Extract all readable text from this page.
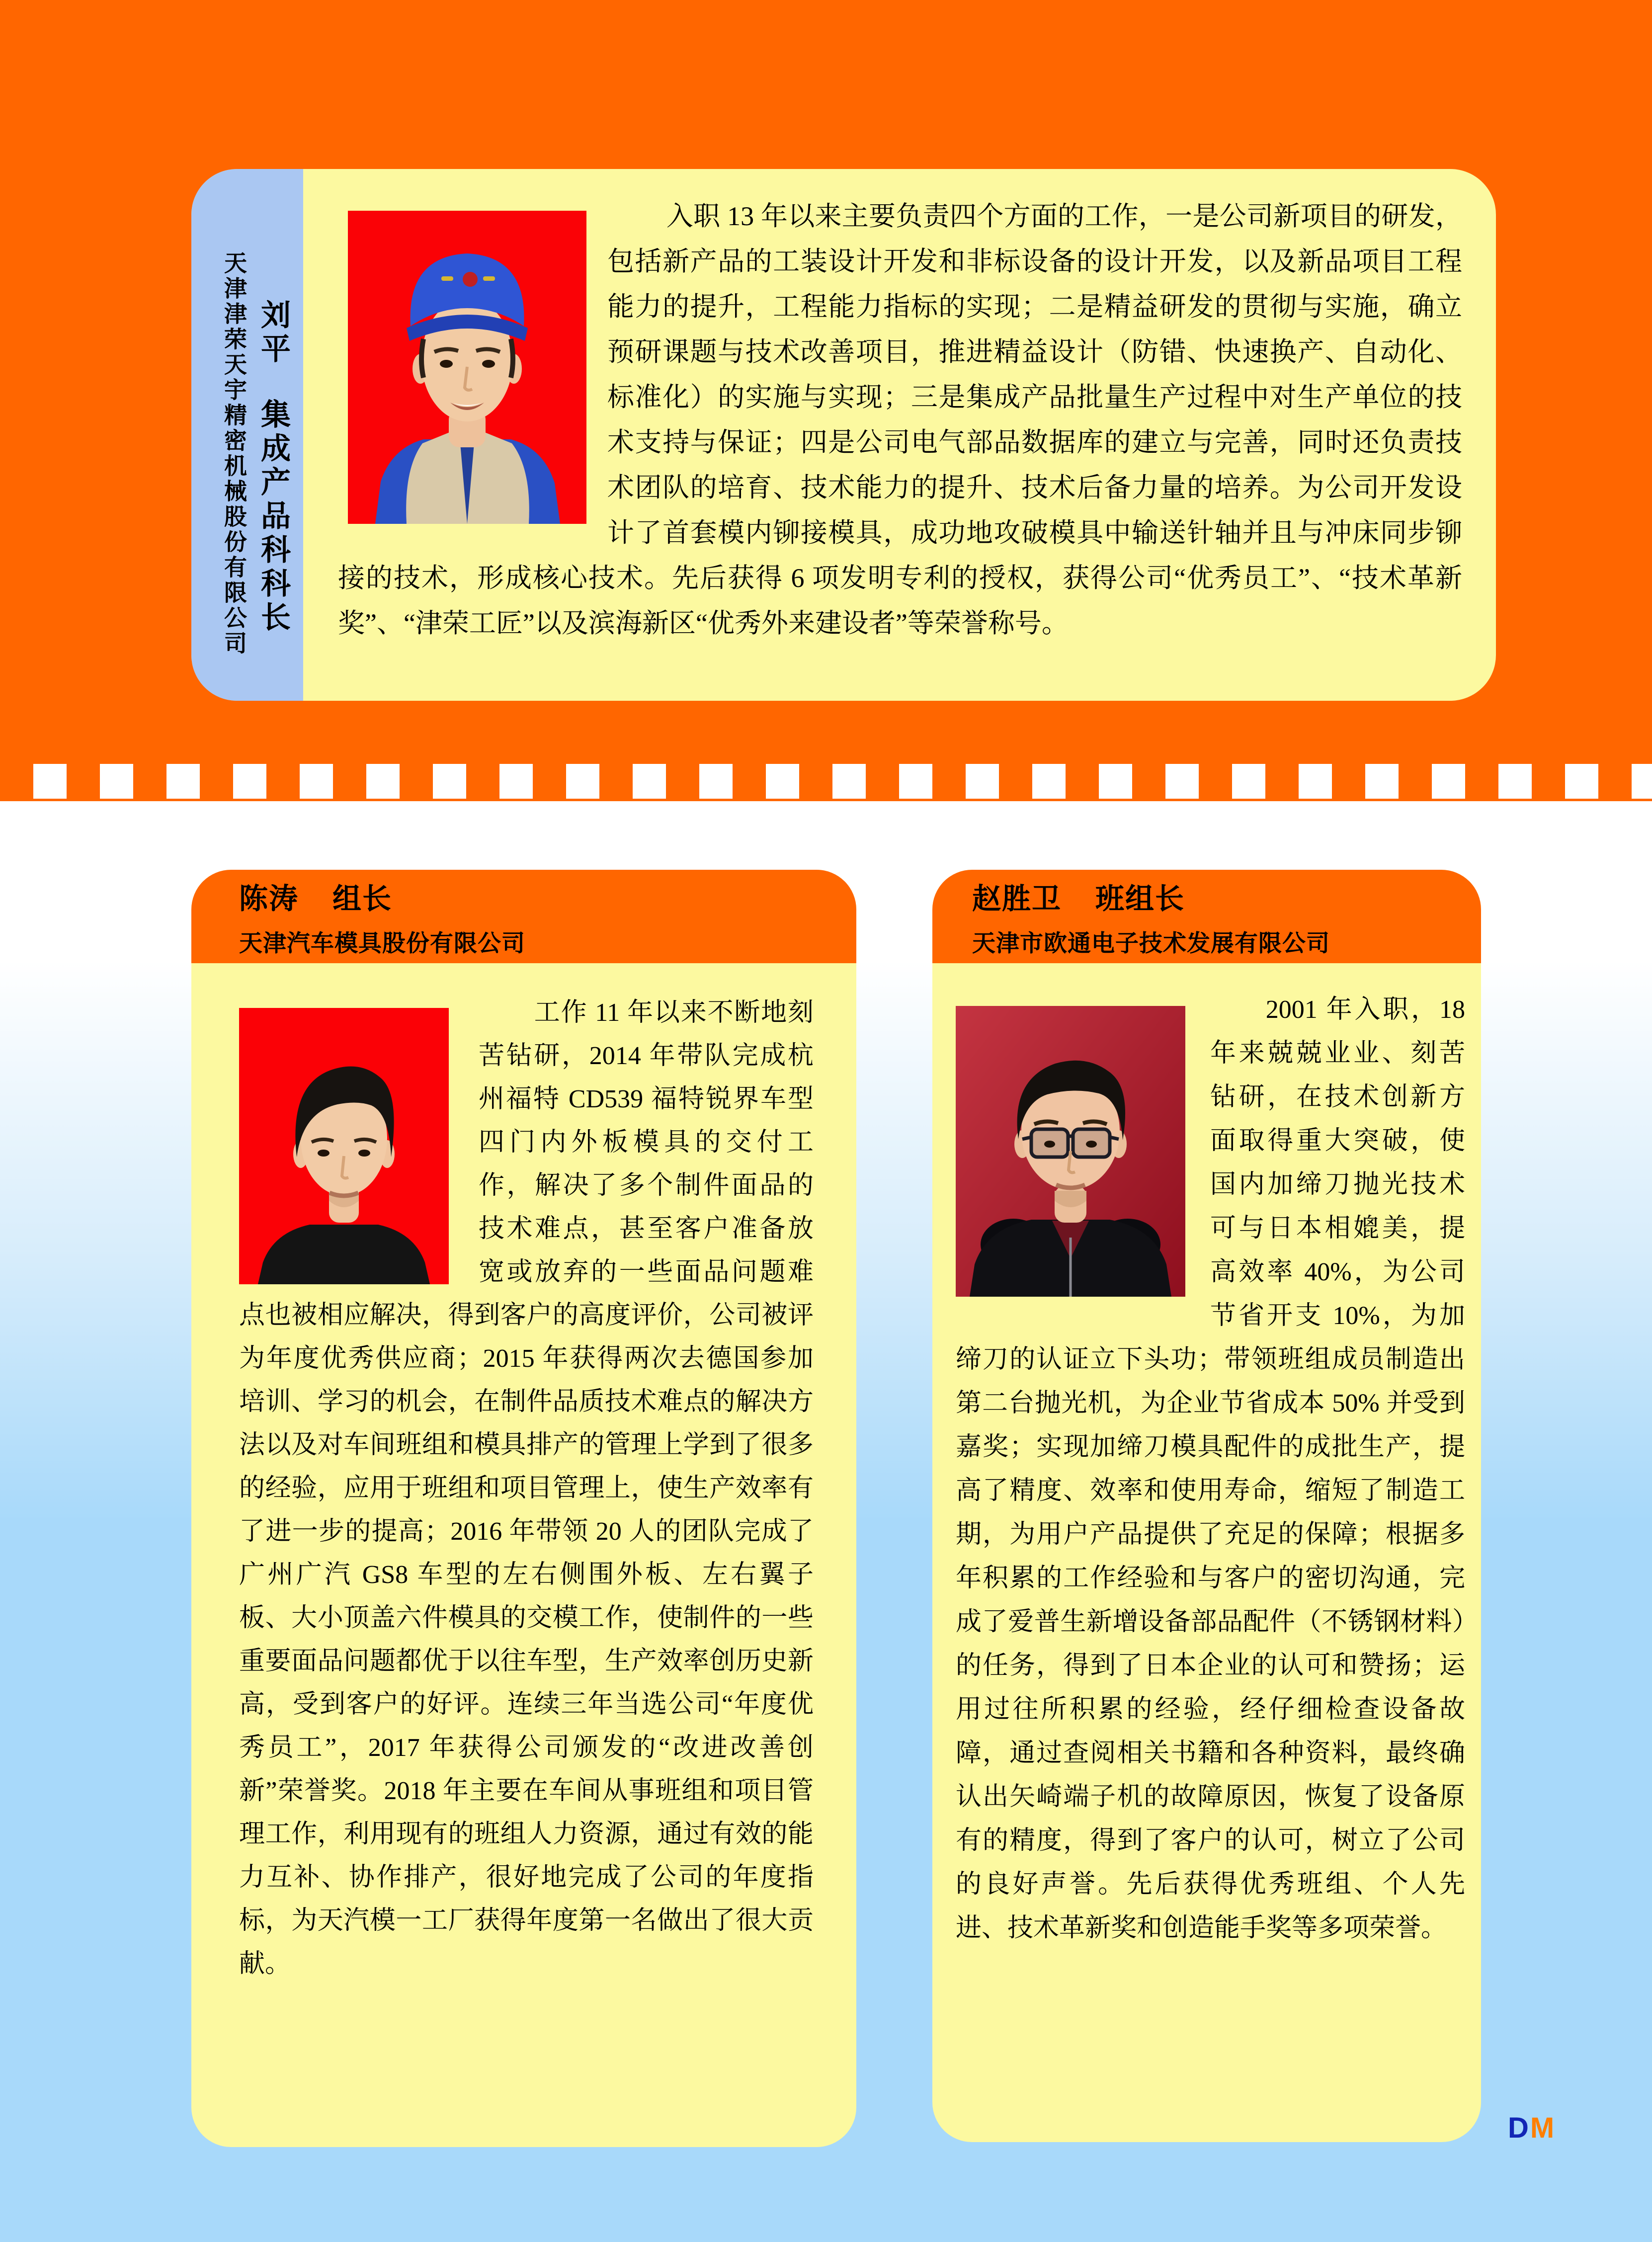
天津津荣天宇精密机械股份有限公司 刘平集成产品科科长
入职 13 年以来主要负责四个方面的工作，一是公司新项目的研发，包括新产品的工装设计开发和非标设备的设计开发，以及新品项目工程能力的提升，工程能力指标的实现；二是精益研发的贯彻与实施，确立预研课题与技术改善项目，推进精益设计（防错、快速换产、自动化、标准化）的实施与实现；三是集成产品批量生产过程中对生产单位的技术支持与保证；四是公司电气部品数据库的建立与完善，同时还负责技术团队的培育、技术能力的提升、技术后备力量的培养。为公司开发设计了首套模内铆接模具，成功地攻破模具中输送针轴并且与冲床同步铆接的技术，形成核心技术。先后获得 6 项发明专利的授权，获得公司“优秀员工”、“技术革新奖”、“津荣工匠”以及滨海新区“优秀外来建设者”等荣誉称号。
陈涛 组长
天津汽车模具股份有限公司
工作 11 年以来不断地刻苦钻研，2014 年带队完成杭州福特 CD539 福特锐界车型四门内外板模具的交付工作，解决了多个制件面品的技术难点，甚至客户准备放宽或放弃的一些面品问题难点也被相应解决，得到客户的高度评价，公司被评为年度优秀供应商；2015 年获得两次去德国参加培训、学习的机会，在制件品质技术难点的解决方法以及对车间班组和模具排产的管理上学到了很多的经验，应用于班组和项目管理上，使生产效率有了进一步的提高；2016 年带领 20 人的团队完成了广州广汽 GS8 车型的左右侧围外板、左右翼子板、大小顶盖六件模具的交模工作，使制件的一些重要面品问题都优于以往车型，生产效率创历史新高，受到客户的好评。连续三年当选公司“年度优秀员工”，2017 年获得公司颁发的“改进改善创新”荣誉奖。2018 年主要在车间从事班组和项目管理工作，利用现有的班组人力资源，通过有效的能力互补、协作排产，很好地完成了公司的年度指标，为天汽模一工厂获得年度第一名做出了很大贡献。
赵胜卫 班组长
天津市欧通电子技术发展有限公司
2001 年入职，18 年来兢兢业业、刻苦钻研，在技术创新方面取得重大突破，使国内加缔刀抛光技术可与日本相媲美，提高效率 40%，为公司节省开支 10%，为加缔刀的认证立下头功；带领班组成员制造出第二台抛光机，为企业节省成本 50% 并受到嘉奖；实现加缔刀模具配件的成批生产，提高了精度、效率和使用寿命，缩短了制造工期，为用户产品提供了充足的保障；根据多年积累的工作经验和与客户的密切沟通，完成了爱普生新增设备部品配件（不锈钢材料）的任务，得到了日本企业的认可和赞扬；运用过往所积累的经验，经仔细检查设备故障，通过查阅相关书籍和各种资料，最终确认出矢崎端子机的故障原因，恢复了设备原有的精度，得到了客户的认可，树立了公司的良好声誉。先后获得优秀班组、个人先进、技术革新奖和创造能手奖等多项荣誉。
DM
